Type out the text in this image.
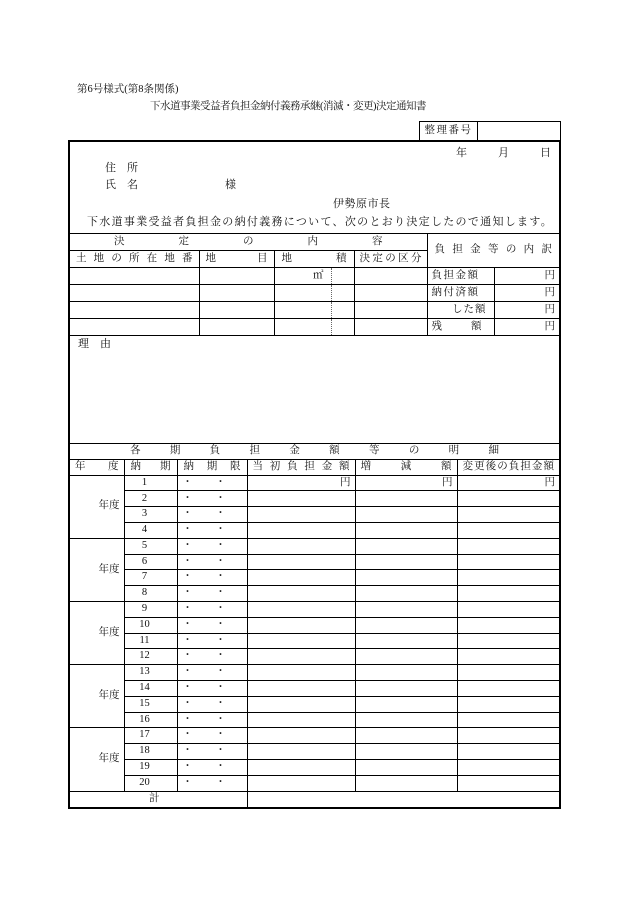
第6号様式(第8条関係)
下水道事業受益者負担金納付義務承継(消滅・変更)決定通知書
整理番号
年	月	日
住　所
氏　名	様
伊勢原市長
下水道事業受益者負担金の納付義務について、次のとおり決定したので通知します。
決定の内容				負担金等の内訳	
土地の所在地番	地目	地積	決定の区分		
		㎡		負担金額	円
				納付済額	円
				した額	円
				残　額	円
理　由
各期負担金額等の明細					
年度	納期	納期限	当初負担金額	増減額	変更後の負担金額
年度	1	・　・	円	円	円
	2	・　・			
	3	・　・			
	4	・　・			
年度	5	・　・			
	6	・　・			
	7	・　・			
	8	・　・			
年度	9	・　・			
	10	・　・			
	11	・　・			
	12	・　・			
年度	13	・　・			
	14	・　・			
	15	・　・			
	16	・　・			
年度	17	・　・			
	18	・　・			
	19	・　・			
	20	・　・			
計					
